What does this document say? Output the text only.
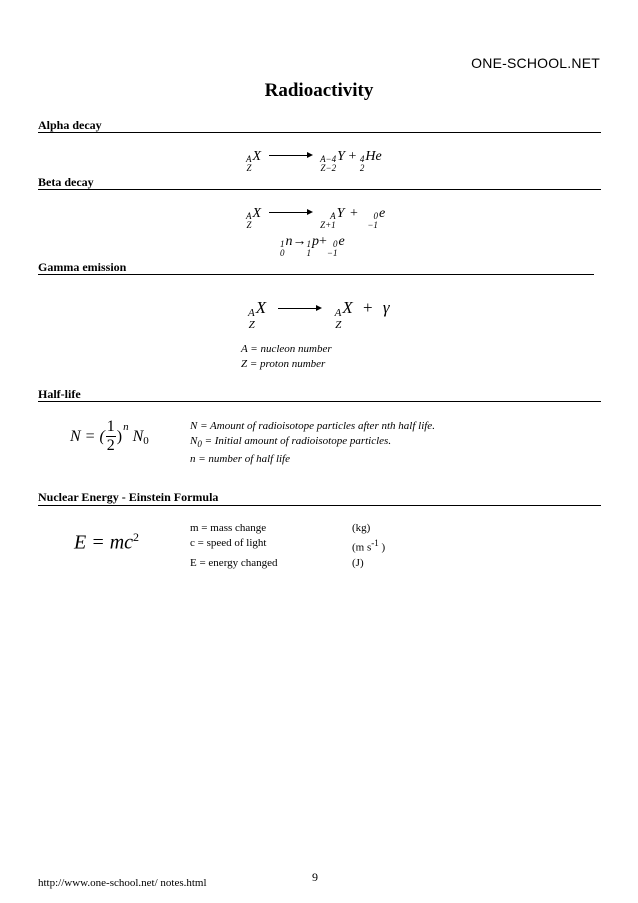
ONE-SCHOOL.NET
Radioactivity
Alpha decay
A
Z
X
	A−4
Z−2
Y + 4
2
He
Beta decay
A
Z
X
	A
Z+1
Y + 0
−1
e
1
0
n → 1
1
p + 0
−1
e
Gamma emission
A
Z
X
	A
Z
X + γ
A = nucleon number
Z = proton number
Half-life
N = ( $\frac{1}{2}$ )
n
N 0
N = Amount of radioisotope particles after nth half life.
$N_0$ = Initial amount of radioisotope particles.
n = number of half life
Nuclear Energy - Einstein Formula
$E = mc^2$
m = mass change	(kg)
c = speed of light	(m $s^{-1}$ )
E = energy changed	(J)
http://www.one-school.net/ notes.html	9
